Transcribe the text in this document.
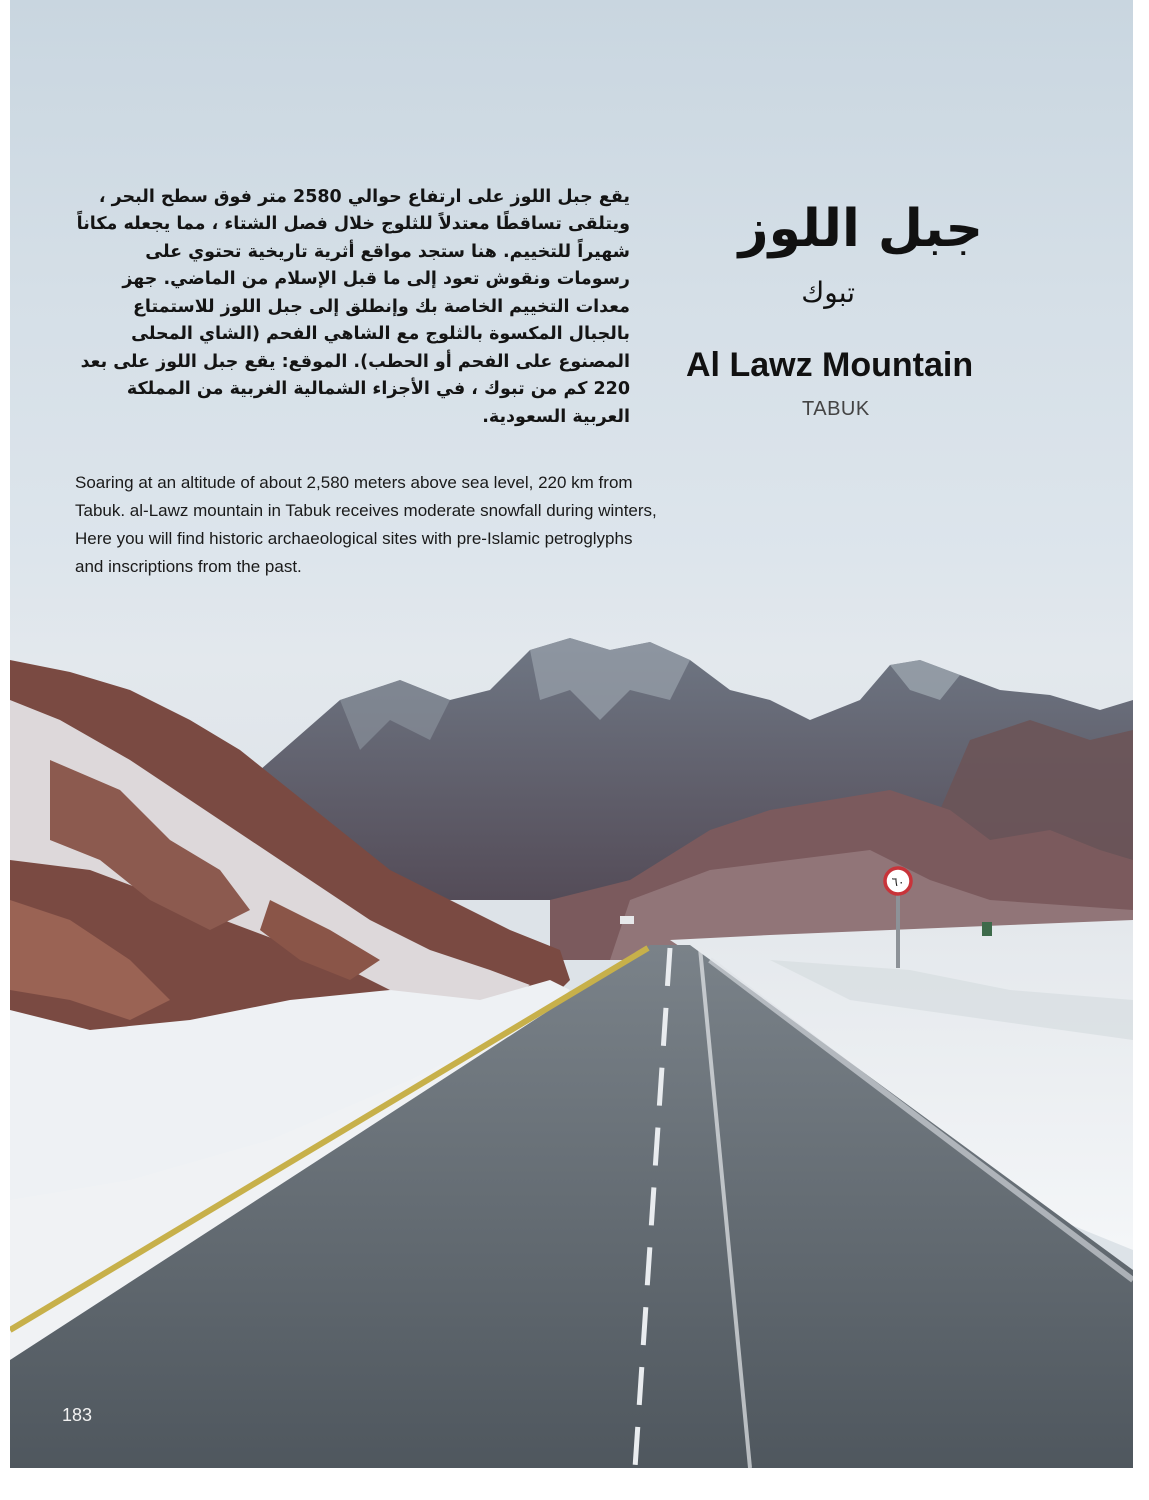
٦٠
جبل اللوز
تبوك
Al Lawz Mountain
TABUK

يقع جبل اللوز على ارتفاع حوالي 2580 متر فوق سطح البحر ، ويتلقى تساقطًا معتدلاً للثلوج خلال فصل الشتاء ، مما يجعله مكاناً شهيراً للتخييم. هنا ستجد مواقع أثرية تاريخية تحتوي على رسومات ونقوش تعود إلى ما قبل الإسلام من الماضي. جهز معدات التخييم الخاصة بك وإنطلق إلى جبل اللوز للاستمتاع بالجبال المكسوة بالثلوج مع الشاهي الفحم (الشاي المحلى المصنوع على الفحم أو الحطب). الموقع: يقع جبل اللوز على بعد 220 كم من تبوك ، في الأجزاء الشمالية الغربية من المملكة العربية السعودية.

Soaring at an altitude of about 2,580 meters above sea level, 220 km from Tabuk. al-Lawz mountain in Tabuk receives moderate snowfall during winters, Here you will find historic archaeological sites with pre-Islamic petroglyphs and inscriptions from the past.

183
